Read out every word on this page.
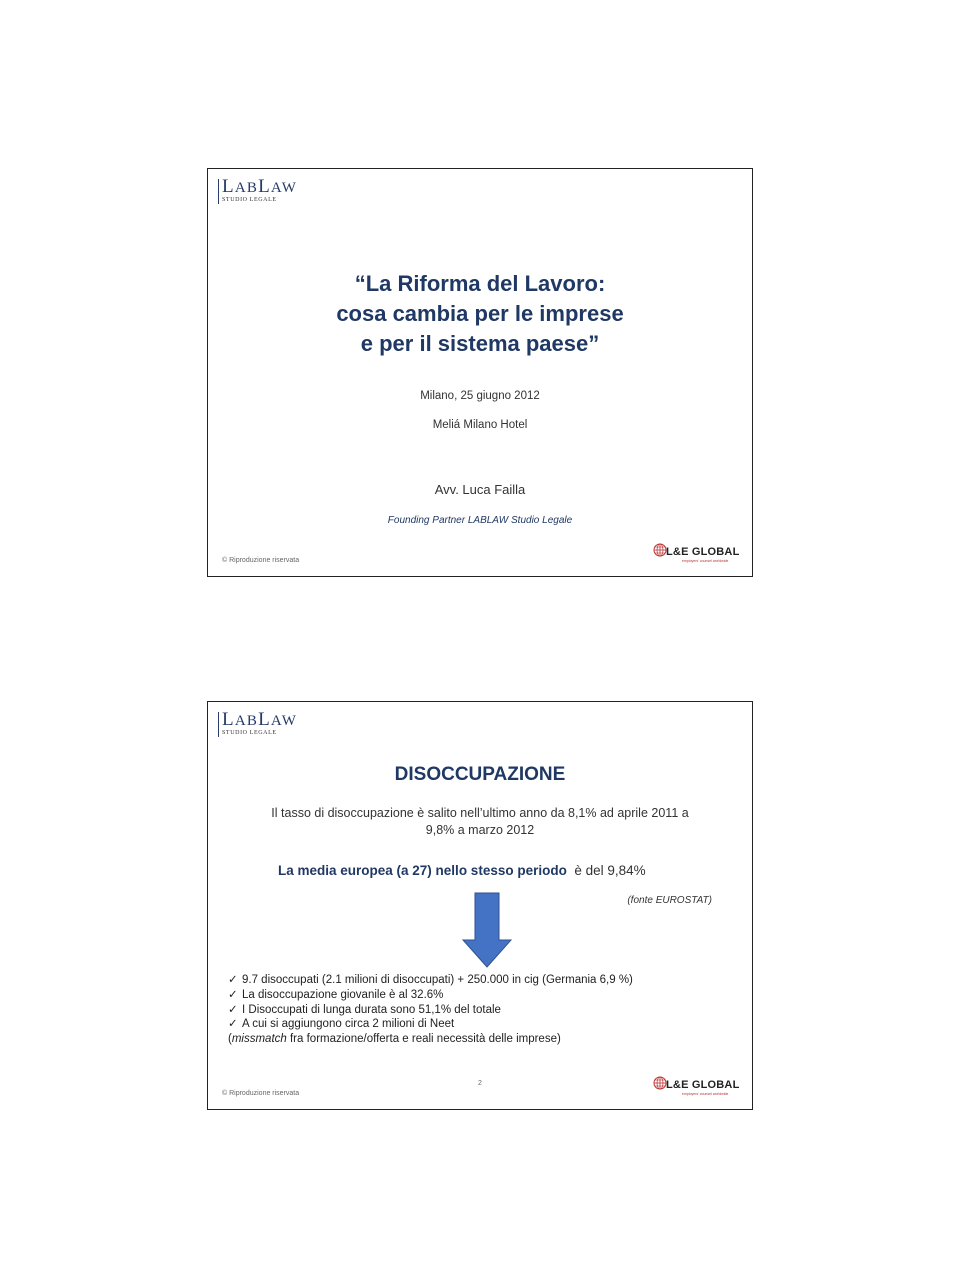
LABLAW
STUDIO LEGALE
“La Riforma del Lavoro:
cosa cambia per le imprese
e per il sistema paese”
Milano, 25 giugno 2012
Meliá Milano Hotel
Avv. Luca Failla
Founding Partner LABLAW Studio Legale
© Riproduzione riservata
L&E GLOBAL
employers' counsel worldwide
LABLAW
STUDIO LEGALE
DISOCCUPAZIONE
Il tasso di disoccupazione è salito nell’ultimo anno da 8,1% ad aprile 2011 a
9,8% a marzo 2012
La media europea (a 27) nello stesso periodo è del 9,84%
(fonte EUROSTAT)
✓ 9.7 disoccupati (2.1 milioni di disoccupati) + 250.000 in cig (Germania 6,9 %)
✓ La disoccupazione giovanile è al 32.6%
✓ I Disoccupati di lunga durata sono 51,1% del totale
✓ A cui si aggiungono circa 2 milioni di Neet
(missmatch fra formazione/offerta e reali necessità delle imprese)
2
© Riproduzione riservata
L&E GLOBAL
employers' counsel worldwide
